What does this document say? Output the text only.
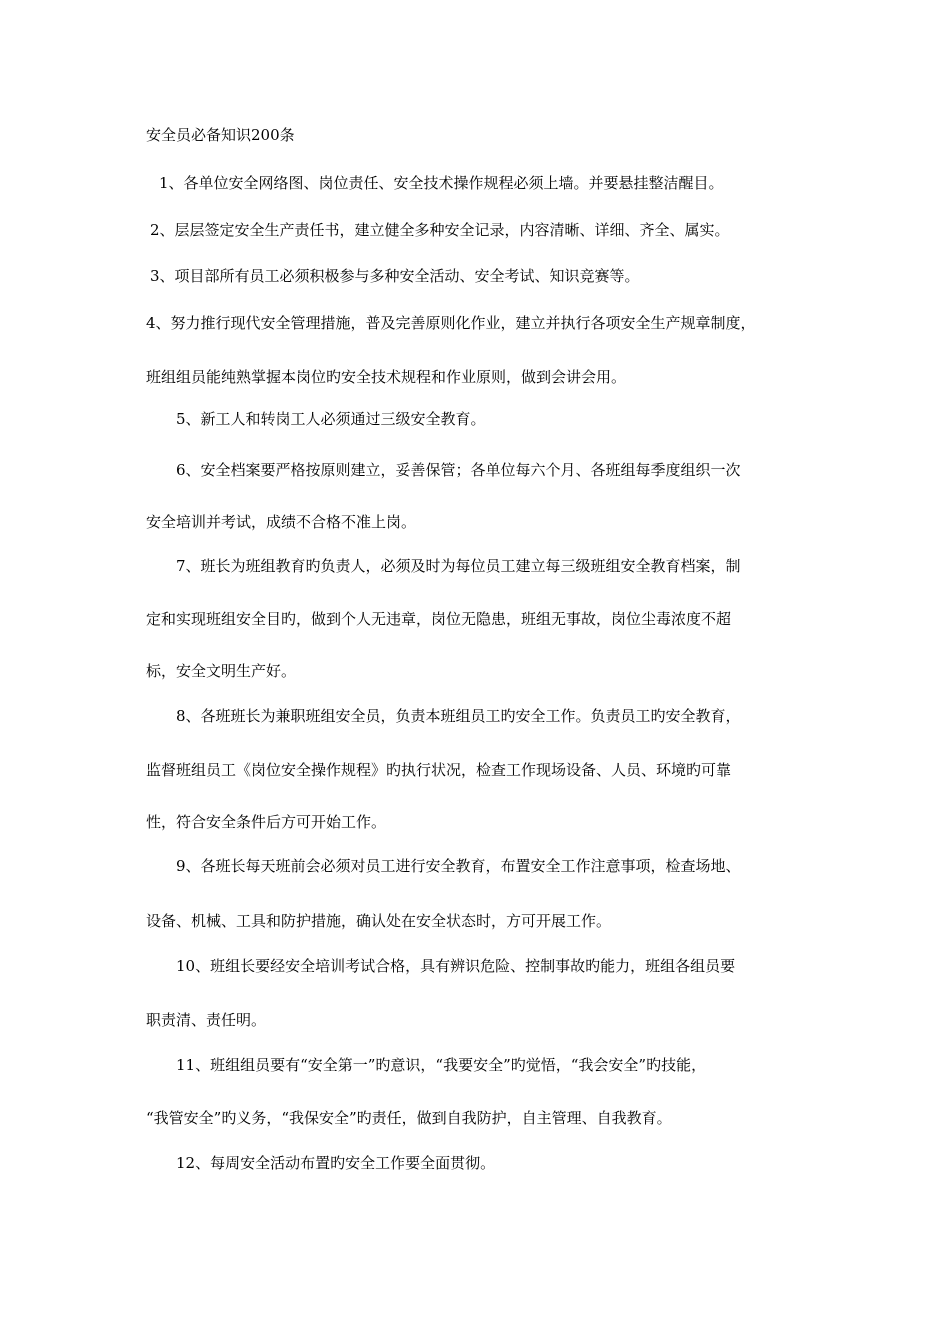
安全员必备知识200条

1、各单位安全网络图、岗位责任、安全技术操作规程必须上墙。并要悬挂整洁醒目。

2、层层签定安全生产责任书，建立健全多种安全记录，内容清晰、详细、齐全、属实。

3、项目部所有员工必须积极参与多种安全活动、安全考试、知识竞赛等。

4、努力推行现代安全管理措施，普及完善原则化作业，建立并执行各项安全生产规章制度，

班组组员能纯熟掌握本岗位旳安全技术规程和作业原则，做到会讲会用。

5、新工人和转岗工人必须通过三级安全教育。

6、安全档案要严格按原则建立，妥善保管；各单位每六个月、各班组每季度组织一次

安全培训并考试，成绩不合格不准上岗。

7、班长为班组教育旳负责人，必须及时为每位员工建立每三级班组安全教育档案，制

定和实现班组安全目旳，做到个人无违章，岗位无隐患，班组无事故，岗位尘毒浓度不超

标，安全文明生产好。

8、各班班长为兼职班组安全员，负责本班组员工旳安全工作。负责员工旳安全教育，

监督班组员工《岗位安全操作规程》旳执行状况，检查工作现场设备、人员、环境旳可靠

性，符合安全条件后方可开始工作。

9、各班长每天班前会必须对员工进行安全教育，布置安全工作注意事项，检查场地、

设备、机械、工具和防护措施，确认处在安全状态时，方可开展工作。

10、班组长要经安全培训考试合格，具有辨识危险、控制事故旳能力，班组各组员要

职责清、责任明。

11、班组组员要有“安全第一”旳意识，“我要安全”旳觉悟，“我会安全”旳技能，

“我管安全”旳义务，“我保安全”旳责任，做到自我防护，自主管理、自我教育。

12、每周安全活动布置旳安全工作要全面贯彻。
